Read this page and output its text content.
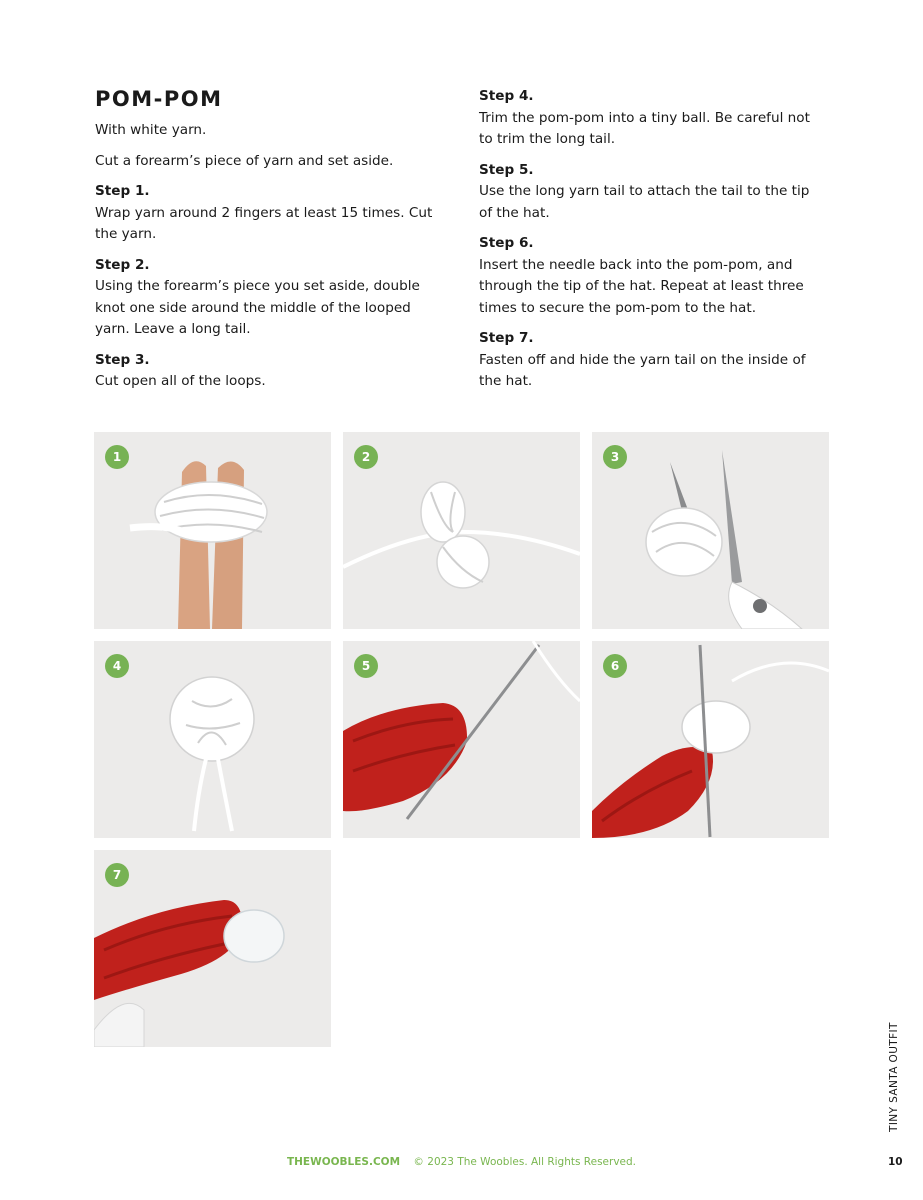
POM-POM

With white yarn.

Cut a forearm’s piece of yarn and set aside.

Step 1.

Wrap yarn around 2 fingers at least 15 times. Cut the yarn.

Step 2.

Using the forearm’s piece you set aside, double knot one side around the middle of the looped yarn. Leave a long tail.

Step 3.

Cut open all of the loops.

Step 4.

Trim the pom-pom into a tiny ball. Be careful not to trim the long tail.

Step 5.

Use the long yarn tail to attach the tail to the tip of the hat.

Step 6.

Insert the needle back into the pom-pom, and through the tip of the hat. Repeat at least three times to secure the pom-pom to the hat.

Step 7.

Fasten off and hide the yarn tail on the inside of the hat.

1	2	3
4	5	6
7
TINY SANTA OUTFIT
THEWOOBLES.COM © 2023 The Woobles. All Rights Reserved.	10
